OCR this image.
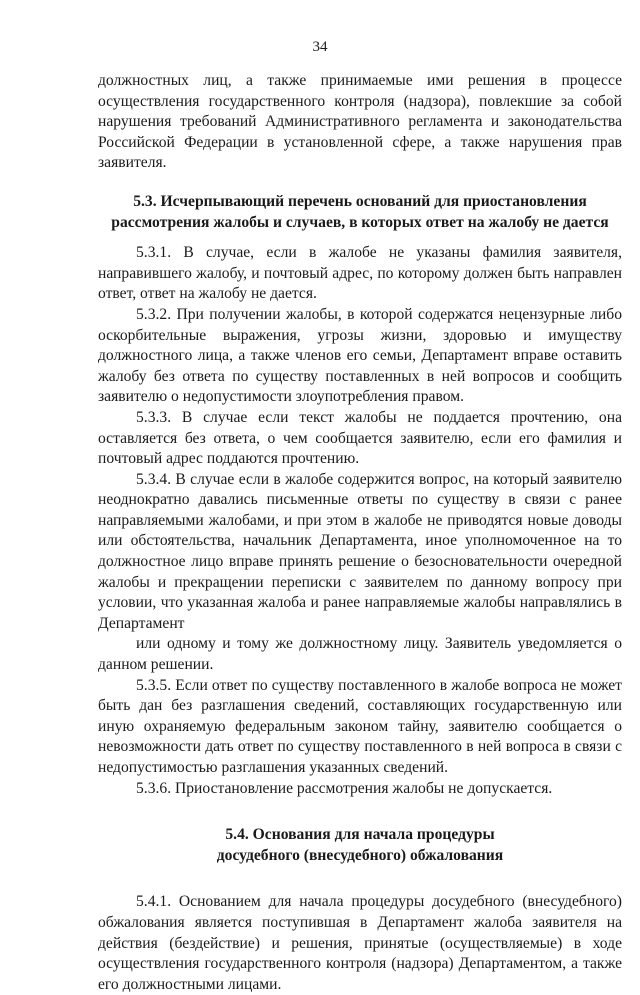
34

должностных лиц, а также принимаемые ими решения в процессе осуществления государственного контроля (надзора), повлекшие за собой нарушения требований Административного регламента и законодательства Российской Федерации в установленной сфере, а также нарушения прав заявителя.

5.3. Исчерпывающий перечень оснований для приостановления
рассмотрения жалобы и случаев, в которых ответ на жалобу не дается

5.3.1. В случае, если в жалобе не указаны фамилия заявителя, направившего жалобу, и почтовый адрес, по которому должен быть направлен ответ, ответ на жалобу не дается.

5.3.2. При получении жалобы, в которой содержатся нецензурные либо оскорбительные выражения, угрозы жизни, здоровью и имуществу должностного лица, а также членов его семьи, Департамент вправе оставить жалобу без ответа по существу поставленных в ней вопросов и сообщить заявителю о недопустимости злоупотребления правом.

5.3.3. В случае если текст жалобы не поддается прочтению, она оставляется без ответа, о чем сообщается заявителю, если его фамилия и почтовый адрес поддаются прочтению.

5.3.4. В случае если в жалобе содержится вопрос, на который заявителю неоднократно давались письменные ответы по существу в связи с ранее направляемыми жалобами, и при этом в жалобе не приводятся новые доводы или обстоятельства, начальник Департамента, иное уполномоченное на то должностное лицо вправе принять решение о безосновательности очередной жалобы и прекращении переписки с заявителем по данному вопросу при условии, что указанная жалоба и ранее направляемые жалобы направлялись в Департамент

или одному и тому же должностному лицу. Заявитель уведомляется о данном решении.

5.3.5. Если ответ по существу поставленного в жалобе вопроса не может быть дан без разглашения сведений, составляющих государственную или иную охраняемую федеральным законом тайну, заявителю сообщается о невозможности дать ответ по существу поставленного в ней вопроса в связи с недопустимостью разглашения указанных сведений.

5.3.6. Приостановление рассмотрения жалобы не допускается.

5.4. Основания для начала процедуры
досудебного (внесудебного) обжалования

5.4.1. Основанием для начала процедуры досудебного (внесудебного) обжалования является поступившая в Департамент жалоба заявителя на действия (бездействие) и решения, принятые (осуществляемые) в ходе осуществления государственного контроля (надзора) Департаментом, а также его должностными лицами.
